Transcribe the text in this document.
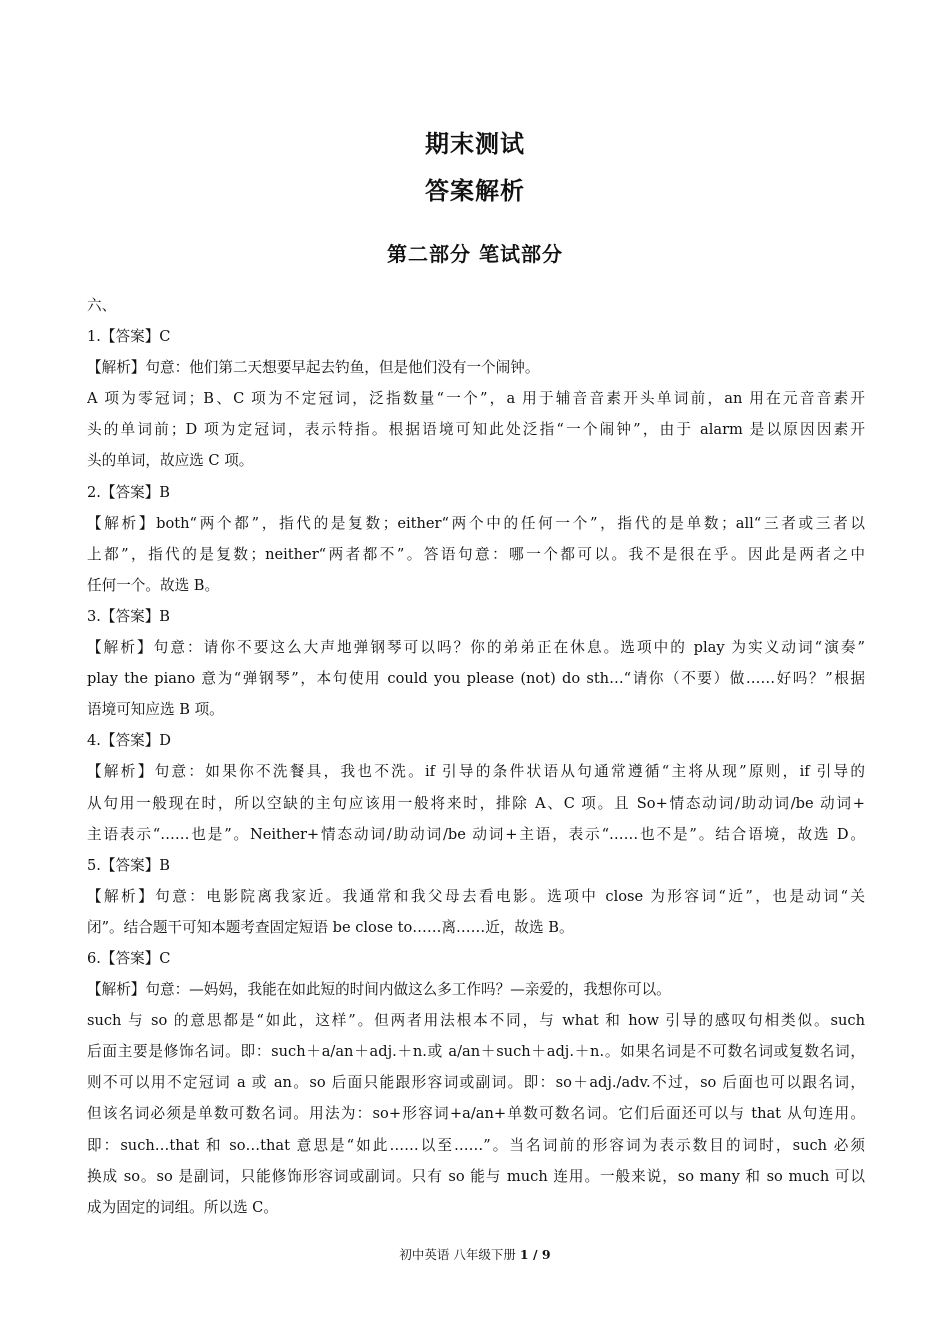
期末测试
答案解析
第二部分 笔试部分
六、
1.【答案】C
【解析】句意：他们第二天想要早起去钓鱼，但是他们没有一个闹钟。
A 项为零冠词；B、C 项为不定冠词，泛指数量“一个”，a 用于辅音音素开头单词前，an 用在元音音素开
头的单词前；D 项为定冠词，表示特指。根据语境可知此处泛指“一个闹钟”，由于 alarm 是以原因因素开
头的单词，故应选 C 项。
2.【答案】B
【解析】both“两个都”，指代的是复数；either“两个中的任何一个”，指代的是单数；all“三者或三者以
上都”，指代的是复数；neither“两者都不”。答语句意：哪一个都可以。我不是很在乎。因此是两者之中
任何一个。故选 B。
3.【答案】B
【解析】句意：请你不要这么大声地弹钢琴可以吗？你的弟弟正在休息。选项中的 play 为实义动词“演奏”
play the piano 意为“弹钢琴”，本句使用 could you please (not) do sth…“请你（不要）做……好吗？”根据
语境可知应选 B 项。
4.【答案】D
【解析】句意：如果你不洗餐具，我也不洗。if 引导的条件状语从句通常遵循“主将从现”原则，if 引导的
从句用一般现在时，所以空缺的主句应该用一般将来时，排除 A、C 项。且 So+情态动词/助动词/be 动词+
主语表示“……也是”。Neither+情态动词/助动词/be 动词+主语，表示“……也不是”。结合语境，故选 D。
5.【答案】B
【解析】句意：电影院离我家近。我通常和我父母去看电影。选项中 close 为形容词“近”，也是动词“关
闭”。结合题干可知本题考查固定短语 be close to……离……近，故选 B。
6.【答案】C
【解析】句意：—妈妈，我能在如此短的时间内做这么多工作吗？—亲爱的，我想你可以。
such 与 so 的意思都是“如此，这样”。但两者用法根本不同，与 what 和 how 引导的感叹句相类似。such
后面主要是修饰名词。即：such＋a/an＋adj.＋n.或 a/an＋such＋adj.＋n.。如果名词是不可数名词或复数名词，
则不可以用不定冠词 a 或 an。so 后面只能跟形容词或副词。即：so＋adj./adv.不过，so 后面也可以跟名词，
但该名词必须是单数可数名词。用法为：so+形容词+a/an+单数可数名词。它们后面还可以与 that 从句连用。
即：such…that 和 so…that 意思是“如此……以至……”。当名词前的形容词为表示数目的词时，such 必须
换成 so。so 是副词，只能修饰形容词或副词。只有 so 能与 much 连用。一般来说，so many 和 so much 可以
成为固定的词组。所以选 C。
初中英语 八年级下册 1 / 9
